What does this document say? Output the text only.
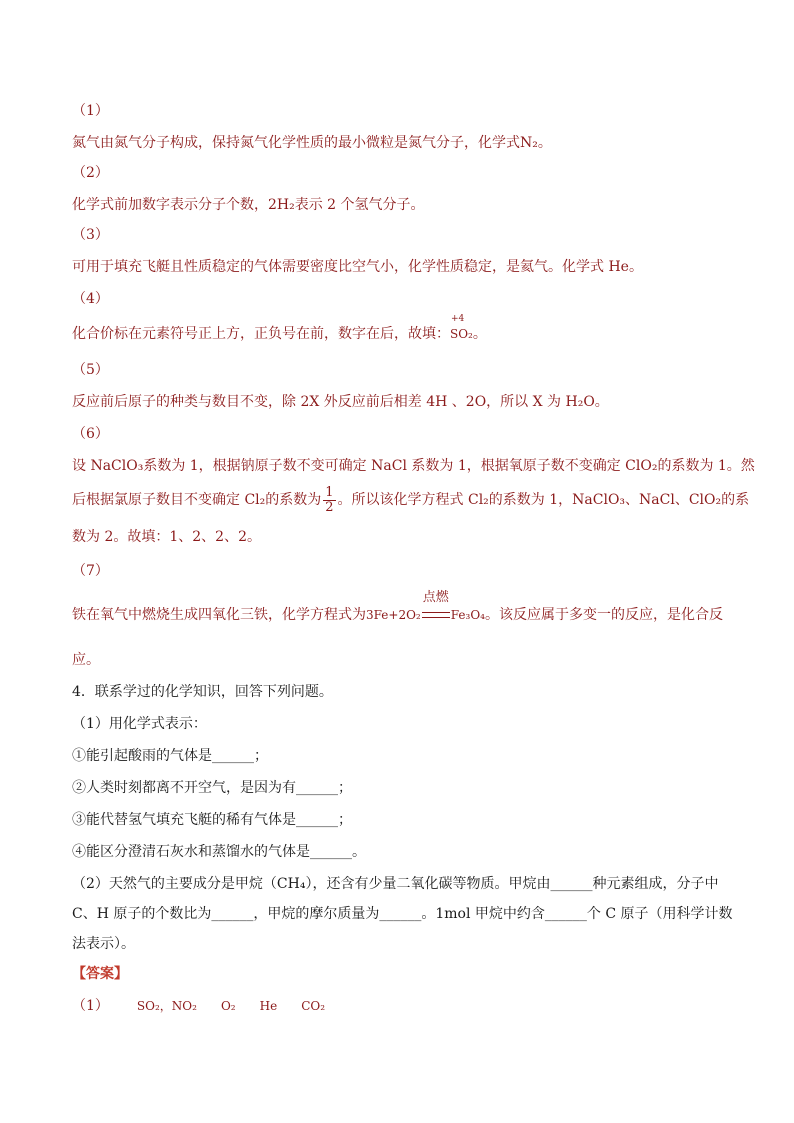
（1）
氮气由氮气分子构成，保持氮气化学性质的最小微粒是氮气分子，化学式N₂。
（2）
化学式前加数字表示分子个数，2H₂表示 2 个氢气分子。
（3）
可用于填充飞艇且性质稳定的气体需要密度比空气小，化学性质稳定，是氦气。化学式 He。
（4）
化合价标在元素符号正上方，正负号在前，数字在后，故填：
+4
SO₂。
（5）
反应前后原子的种类与数目不变，除 2X 外反应前后相差 4H 、2O，所以 X 为 H₂O。
（6）
设 NaClO₃系数为 1，根据钠原子数不变可确定 NaCl 系数为 1，根据氧原子数不变确定 ClO₂的系数为 1。然
后根据氯原子数目不变确定 Cl₂的系数为 $\frac{1}{2}$ 。所以该化学方程式 Cl₂的系数为 1，NaClO₃、NaCl、ClO₂的系
数为 2。故填：1、2、2、2。
（7）
铁在氧气中燃烧生成四氧化三铁，化学方程式为3Fe+2O₂
点燃
Fe₃O₄。该反应属于多变一的反应，是化合反
应。
4．联系学过的化学知识，回答下列问题。
（1）用化学式表示：
①能引起酸雨的气体是______；
②人类时刻都离不开空气，是因为有______；
③能代替氢气填充飞艇的稀有气体是______；
④能区分澄清石灰水和蒸馏水的气体是______。
（2）天然气的主要成分是甲烷（CH₄），还含有少量二氧化碳等物质。甲烷由______种元素组成，分子中
C、H 原子的个数比为______，甲烷的摩尔质量为______。1mol 甲烷中约含______个 C 原子（用科学计数
法表示）。
【答案】
（1） SO₂，NO₂ O₂ He CO₂
